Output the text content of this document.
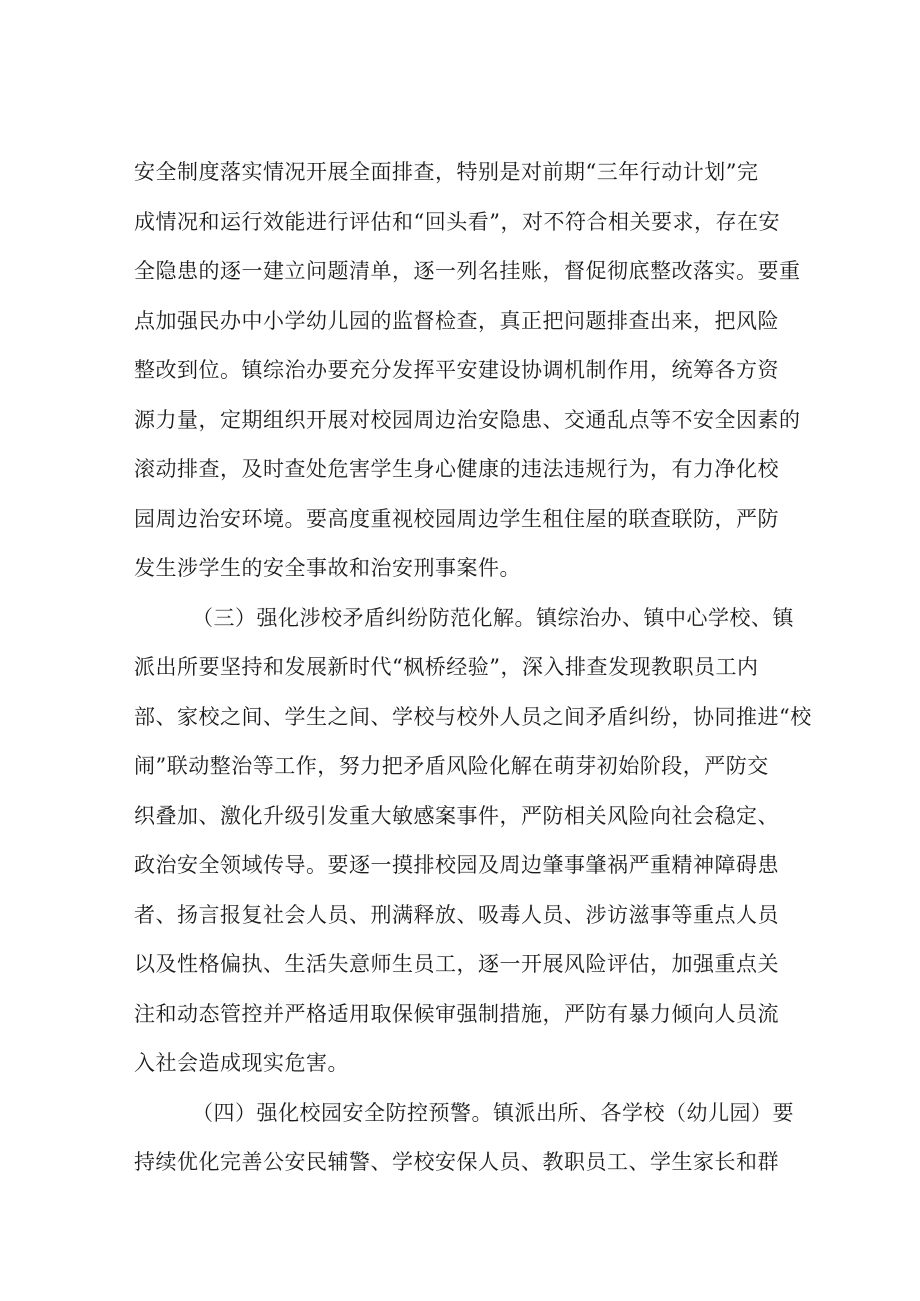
安全制度落实情况开展全面排查，特别是对前期“三年行动计划”完
成情况和运行效能进行评估和“回头看”，对不符合相关要求，存在安
全隐患的逐一建立问题清单，逐一列名挂账，督促彻底整改落实。要重
点加强民办中小学幼儿园的监督检查，真正把问题排查出来，把风险
整改到位。镇综治办要充分发挥平安建设协调机制作用，统筹各方资
源力量，定期组织开展对校园周边治安隐患、交通乱点等不安全因素的
滚动排查，及时查处危害学生身心健康的违法违规行为，有力净化校
园周边治安环境。要高度重视校园周边学生租住屋的联查联防，严防
发生涉学生的安全事故和治安刑事案件。
（三）强化涉校矛盾纠纷防范化解。镇综治办、镇中心学校、镇
派出所要坚持和发展新时代“枫桥经验”，深入排查发现教职员工内
部、家校之间、学生之间、学校与校外人员之间矛盾纠纷，协同推进“校
闹”联动整治等工作，努力把矛盾风险化解在萌芽初始阶段，严防交
织叠加、激化升级引发重大敏感案事件，严防相关风险向社会稳定、
政治安全领域传导。要逐一摸排校园及周边肇事肇祸严重精神障碍患
者、扬言报复社会人员、刑满释放、吸毒人员、涉访滋事等重点人员
以及性格偏执、生活失意师生员工，逐一开展风险评估，加强重点关
注和动态管控并严格适用取保候审强制措施，严防有暴力倾向人员流
入社会造成现实危害。
（四）强化校园安全防控预警。镇派出所、各学校（幼儿园）要
持续优化完善公安民辅警、学校安保人员、教职员工、学生家长和群
